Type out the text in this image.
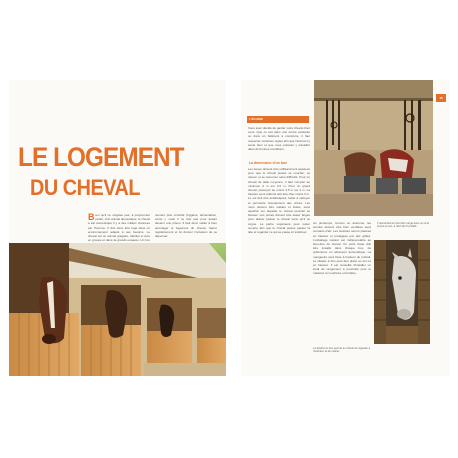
LE LOGEMENT
DU CHEVAL
Bien qu'il ne s'agisse pas, à proprement parler, d'un animal domestique, le cheval a été domestiqué il y a des milliers d'années par l'homme. Il doit donc être logé dans un environnement adapté à ses besoins. Le cheval est un animal grégaire, habitué à vivre en groupe et dans de grands espaces. Un box
nement plus contrôlé (hygiène, alimentation, soins...), mais il ne doit pas pour autant devenir une prison. Il faut donc veiller à bien aménager le logement du cheval, l'aérer régulièrement et lui donner l'occasion de se dépenser.
15
L'ÉCURIE
Vous avez décidé de garder votre cheval chez vous. Que ce soit dans une écurie existante ou dans un bâtiment à construire, il faut respecter certaines règles afin que l'animal s'y sente bien et que vous puissiez y travailler dans de bonnes conditions.
La dimension d'un box
Les boxes doivent être suffisamment spacieux pour que le cheval puisse se coucher, se relever et se retourner sans difficulté. Pour un cheval de taille moyenne, il faut compter au minimum 3 m sur 3,5 m. Pour un grand cheval, prévoyez au moins 3,5 m sur 4 m. La hauteur sous plafond doit être d'au moins 3 m. Le sol doit être antidérapant, facile à nettoyer et permettre l'écoulement des urines. Les murs doivent être solides et lisses, sans aspérité sur laquelle le cheval pourrait se blesser. Les portes doivent être assez larges pour laisser passer le cheval sans qu'il se cogne. La partie supérieure peut rester ouverte afin que le cheval puisse passer la tête et regarder ce qui se passe à l'extérieur.
Au printemps, comme en automne, les écuries doivent être bien ventilées sans courants d'air. Les fenêtres seront placées en hauteur et protégées par des grilles. L'éclairage naturel est indispensable au bien-être du cheval. Un point d'eau doit être installé dans chaque box, de préférence un abreuvoir automatique. La mangeoire sera fixée à hauteur du poitrail. Le râtelier à foin peut être placé au sol ou en hauteur. Il est conseillé d'installer un local de rangement à proximité pour le matériel, la nourriture et la litière.
L'harnachement doit être rangé dans un local propre et sec, à l'abri de l'humidité.
La fenêtre du box permet au cheval de regarder à l'extérieur et de s'aérer.
